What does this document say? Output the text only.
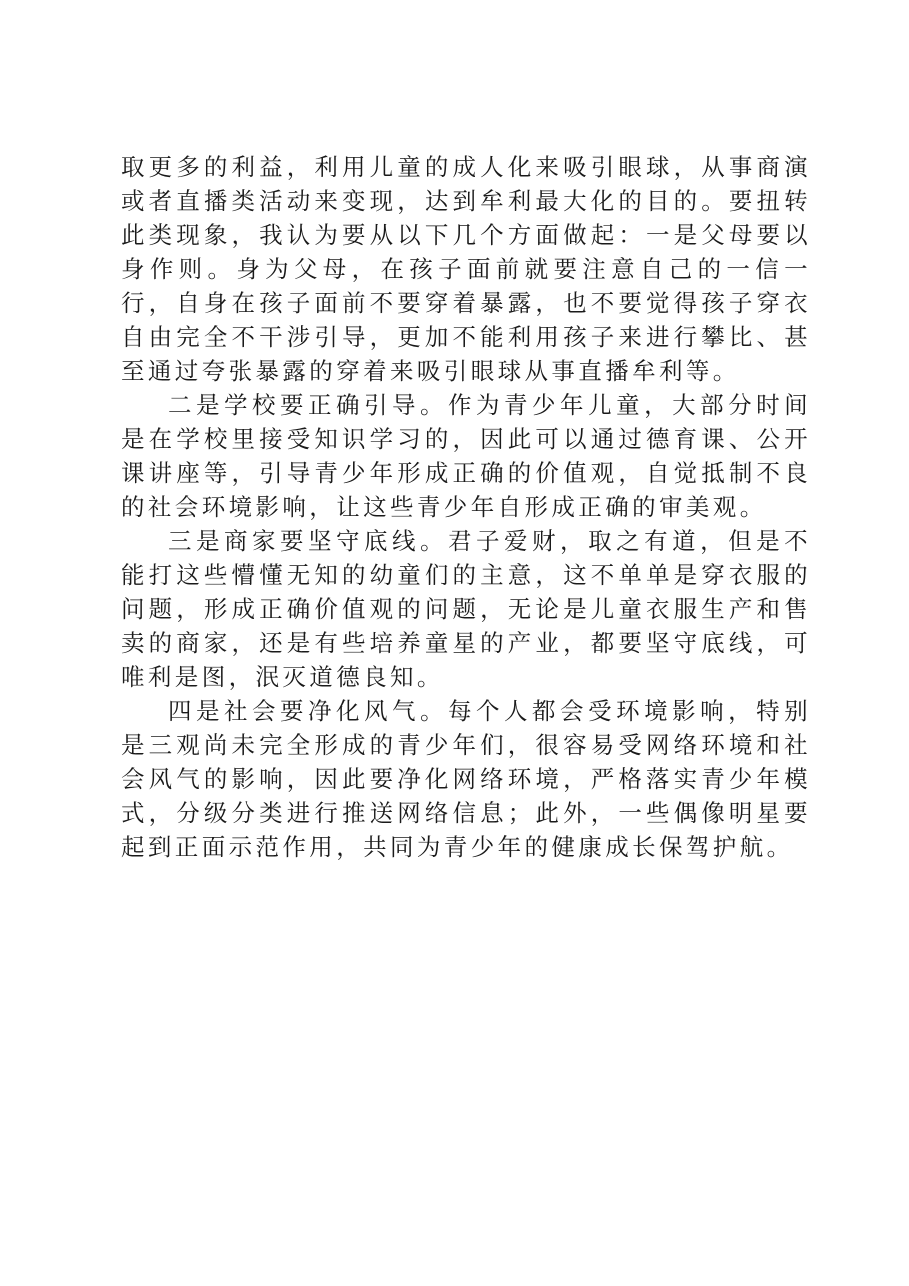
取更多的利益，利用儿童的成人化来吸引眼球，从事商演或者直播类活动来变现，达到牟利最大化的目的。要扭转此类现象，我认为要从以下几个方面做起：一是父母要以身作则。身为父母，在孩子面前就要注意自己的一信一行，自身在孩子面前不要穿着暴露，也不要觉得孩子穿衣自由完全不干涉引导，更加不能利用孩子来进行攀比、甚至通过夸张暴露的穿着来吸引眼球从事直播牟利等。

二是学校要正确引导。作为青少年儿童，大部分时间是在学校里接受知识学习的，因此可以通过德育课、公开课讲座等，引导青少年形成正确的价值观，自觉抵制不良的社会环境影响，让这些青少年自形成正确的审美观。

三是商家要坚守底线。君子爱财，取之有道，但是不能打这些懵懂无知的幼童们的主意，这不单单是穿衣服的问题，形成正确价值观的问题，无论是儿童衣服生产和售卖的商家，还是有些培养童星的产业，都要坚守底线，可唯利是图，泯灭道德良知。

四是社会要净化风气。每个人都会受环境影响，特别是三观尚未完全形成的青少年们，很容易受网络环境和社会风气的影响，因此要净化网络环境，严格落实青少年模式，分级分类进行推送网络信息；此外，一些偶像明星要起到正面示范作用，共同为青少年的健康成长保驾护航。
